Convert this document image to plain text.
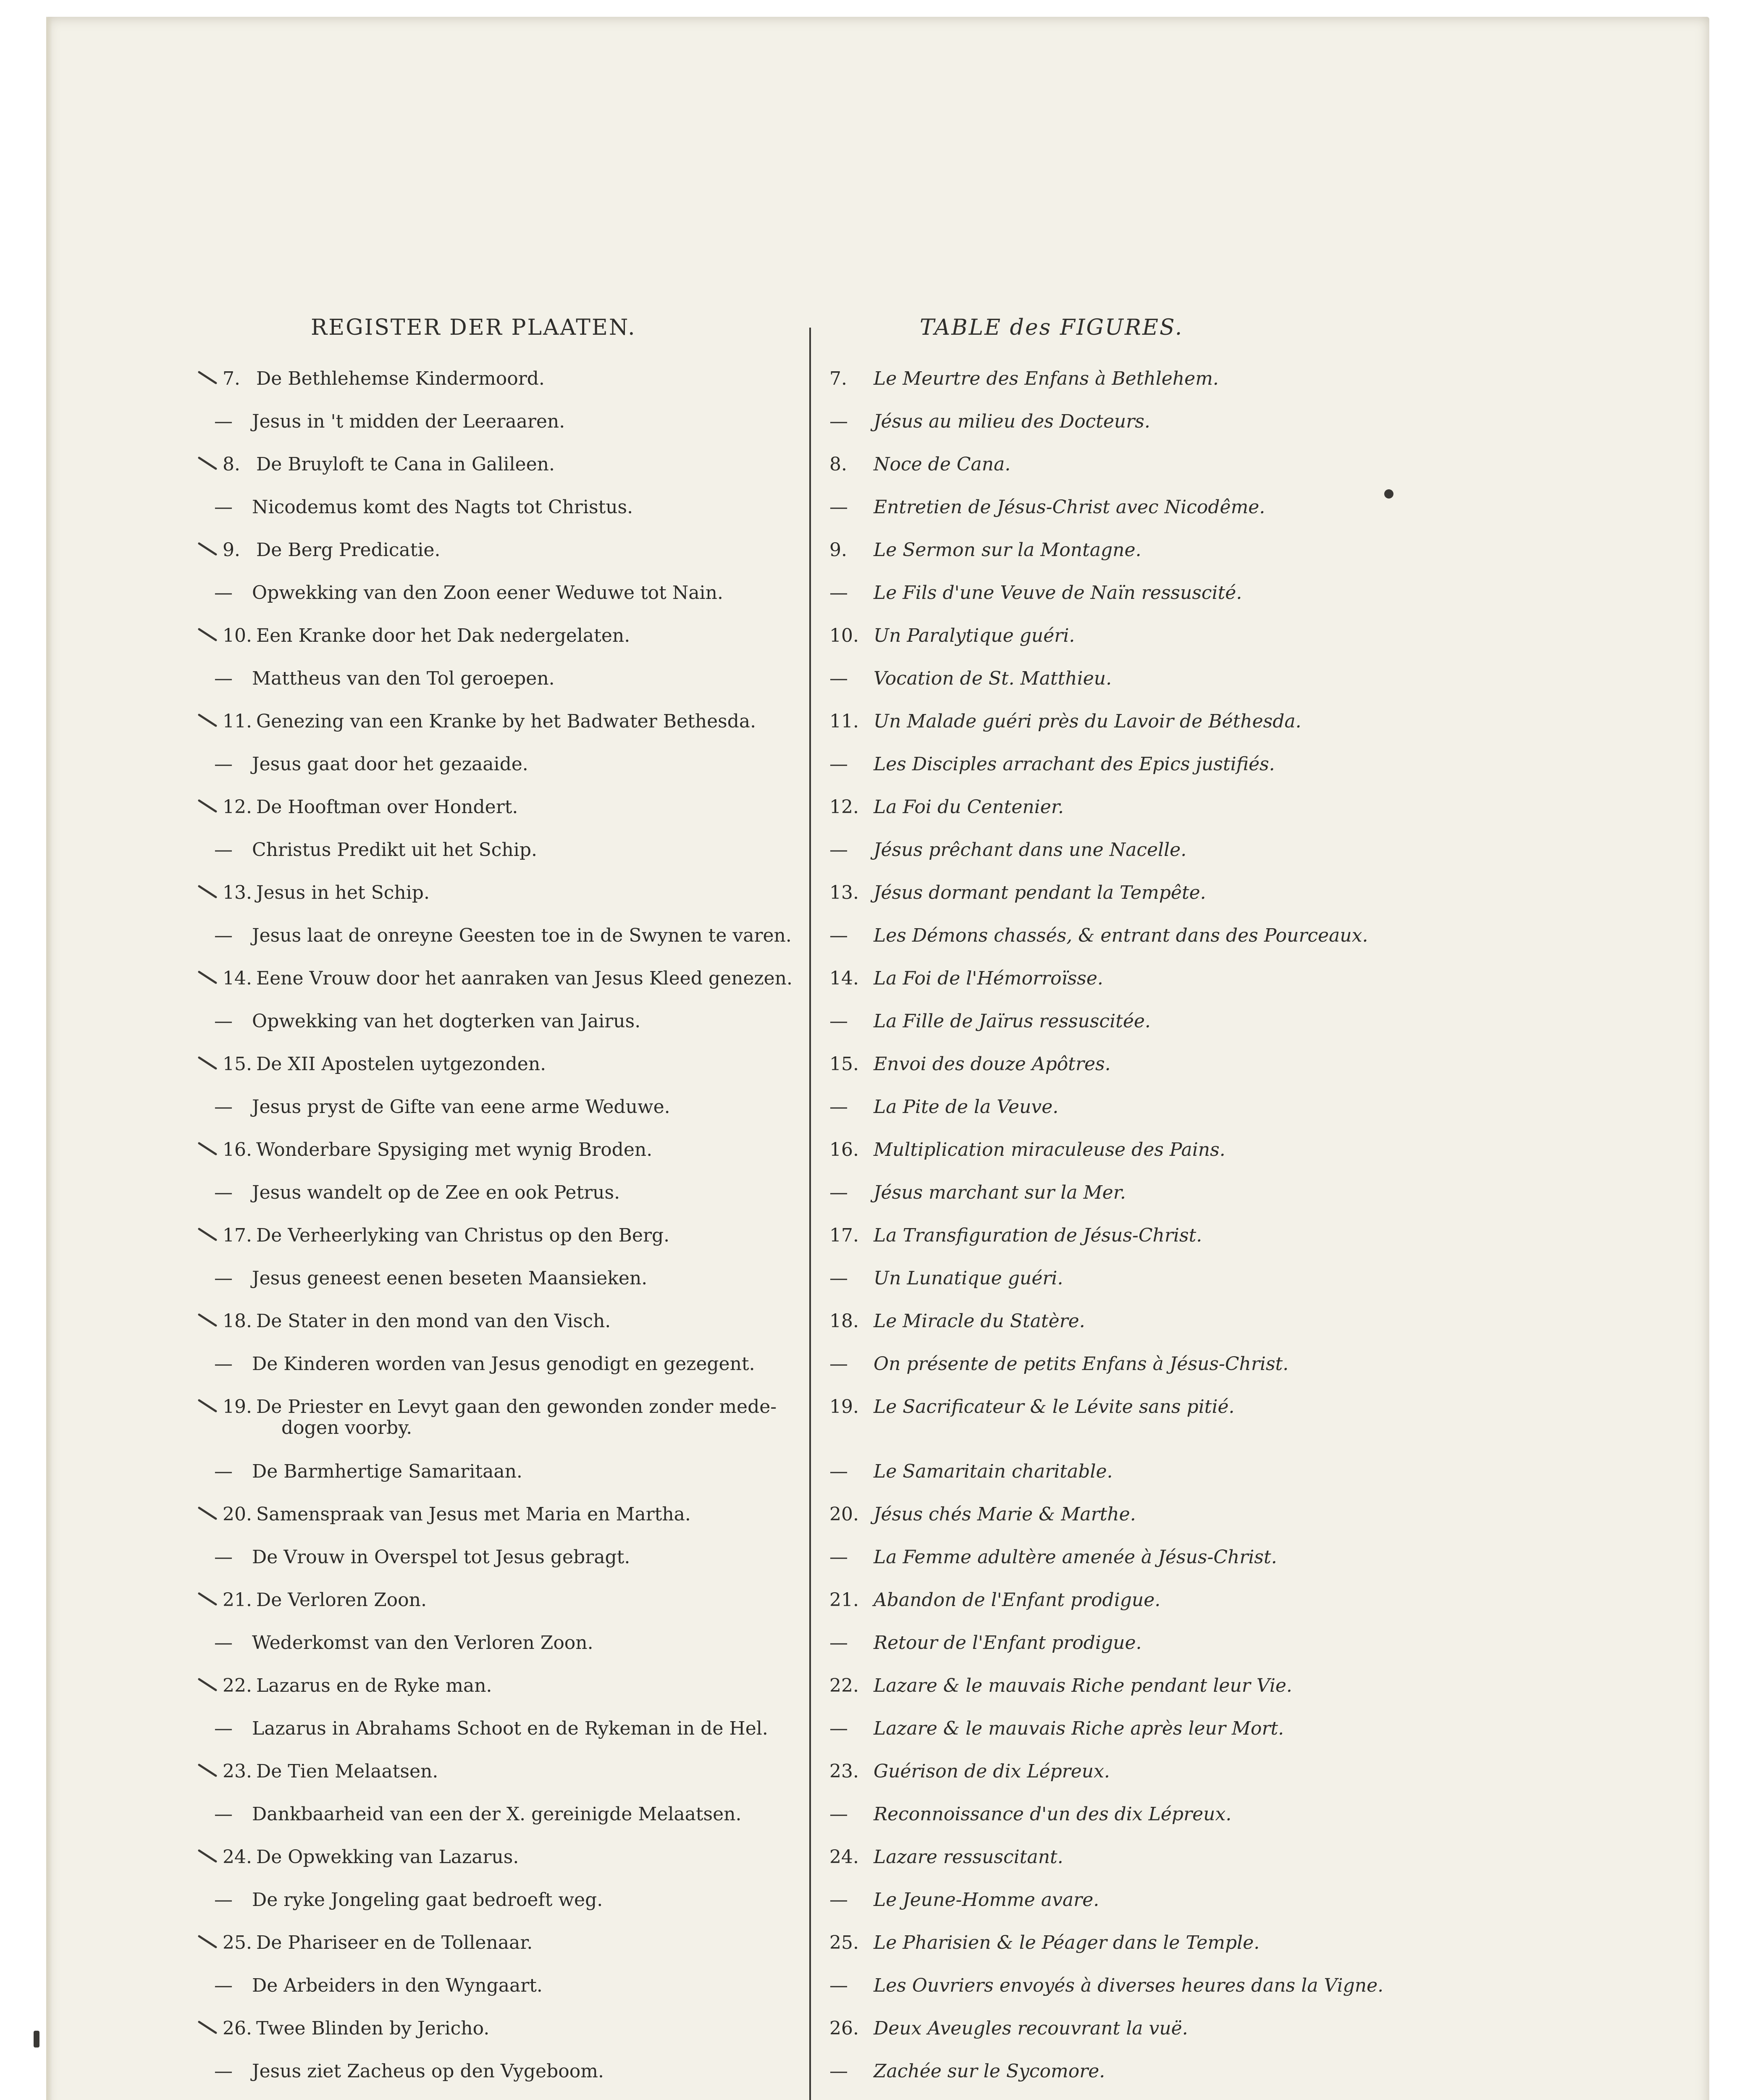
REGISTER DER PLAATEN.	TABLE des FIGURES.
7. De Bethlehemse Kindermoord.
—	Jesus in 't midden der Leeraaren.
8. De Bruyloft te Cana in Galileen.
—	Nicodemus komt des Nagts tot Christus.
9. De Berg Predicatie.
—	Opwekking van den Zoon eener Weduwe tot Nain.
10. Een Kranke door het Dak nedergelaten.
—	Mattheus van den Tol geroepen.
11. Genezing van een Kranke by het Badwater Bethesda.
—	Jesus gaat door het gezaaide.
12. De Hooftman over Hondert.
—	Christus Predikt uit het Schip.
13. Jesus in het Schip.
—	Jesus laat de onreyne Geesten toe in de Swynen te varen.
14. Eene Vrouw door het aanraken van Jesus Kleed genezen.
—	Opwekking van het dogterken van Jairus.
15. De XII Apostelen uytgezonden.
—	Jesus pryst de Gifte van eene arme Weduwe.
16. Wonderbare Spysiging met wynig Broden.
—	Jesus wandelt op de Zee en ook Petrus.
17. De Verheerlyking van Christus op den Berg.
—	Jesus geneest eenen beseten Maansieken.
18. De Stater in den mond van den Visch.
—	De Kinderen worden van Jesus genodigt en gezegent.
19. De Priester en Levyt gaan den gewonden zonder mede-
dogen voorby.
—	De Barmhertige Samaritaan.
20. Samenspraak van Jesus met Maria en Martha.
—	De Vrouw in Overspel tot Jesus gebragt.
21. De Verloren Zoon.
—	Wederkomst van den Verloren Zoon.
22. Lazarus en de Ryke man.
—	Lazarus in Abrahams Schoot en de Rykeman in de Hel.
23. De Tien Melaatsen.
—	Dankbaarheid van een der X. gereinigde Melaatsen.
24. De Opwekking van Lazarus.
—	De ryke Jongeling gaat bedroeft weg.
25. De Pharisеer en de Tollenaar.
—	De Arbeiders in den Wyngaart.
26. Twee Blinden by Jericho.
—	Jesus ziet Zacheus op den Vygeboom.
7. Le Meurtre des Enfans à Bethlehem.
— Jésus au milieu des Docteurs.
8. Noce de Cana.
— Entretien de Jésus-Christ avec Nicodême.
9. Le Sermon sur la Montagne.
— Le Fils d'une Veuve de Naïn ressuscité.
10. Un Paralytique guéri.
— Vocation de St. Matthieu.
11. Un Malade guéri près du Lavoir de Béthesda.
— Les Disciples arrachant des Epics justifiés.
12. La Foi du Centenier.
— Jésus prêchant dans une Nacelle.
13. Jésus dormant pendant la Tempête.
— Les Démons chassés, & entrant dans des Pourceaux.
14. La Foi de l'Hémorroïsse.
— La Fille de Jaïrus ressuscitée.
15. Envoi des douze Apôtres.
— La Pite de la Veuve.
16. Multiplication miraculeuse des Pains.
— Jésus marchant sur la Mer.
17. La Transfiguration de Jésus-Christ.
— Un Lunatique guéri.
18. Le Miracle du Statère.
— On présente de petits Enfans à Jésus-Christ.
19. Le Sacrificateur & le Lévite sans pitié.
— Le Samaritain charitable.
20. Jésus chés Marie & Marthe.
— La Femme adultère amenée à Jésus-Christ.
21. Abandon de l'Enfant prodigue.
— Retour de l'Enfant prodigue.
22. Lazare & le mauvais Riche pendant leur Vie.
— Lazare & le mauvais Riche après leur Mort.
23. Guérison de dix Lépreux.
— Reconnoissance d'un des dix Lépreux.
24. Lazare ressuscitant.
— Le Jeune-Homme avare.
25. Le Pharisien & le Péager dans le Temple.
— Les Ouvriers envoyés à diverses heures dans la Vigne.
26. Deux Aveugles recouvrant la vuë.
— Zachée sur le Sycomore.
